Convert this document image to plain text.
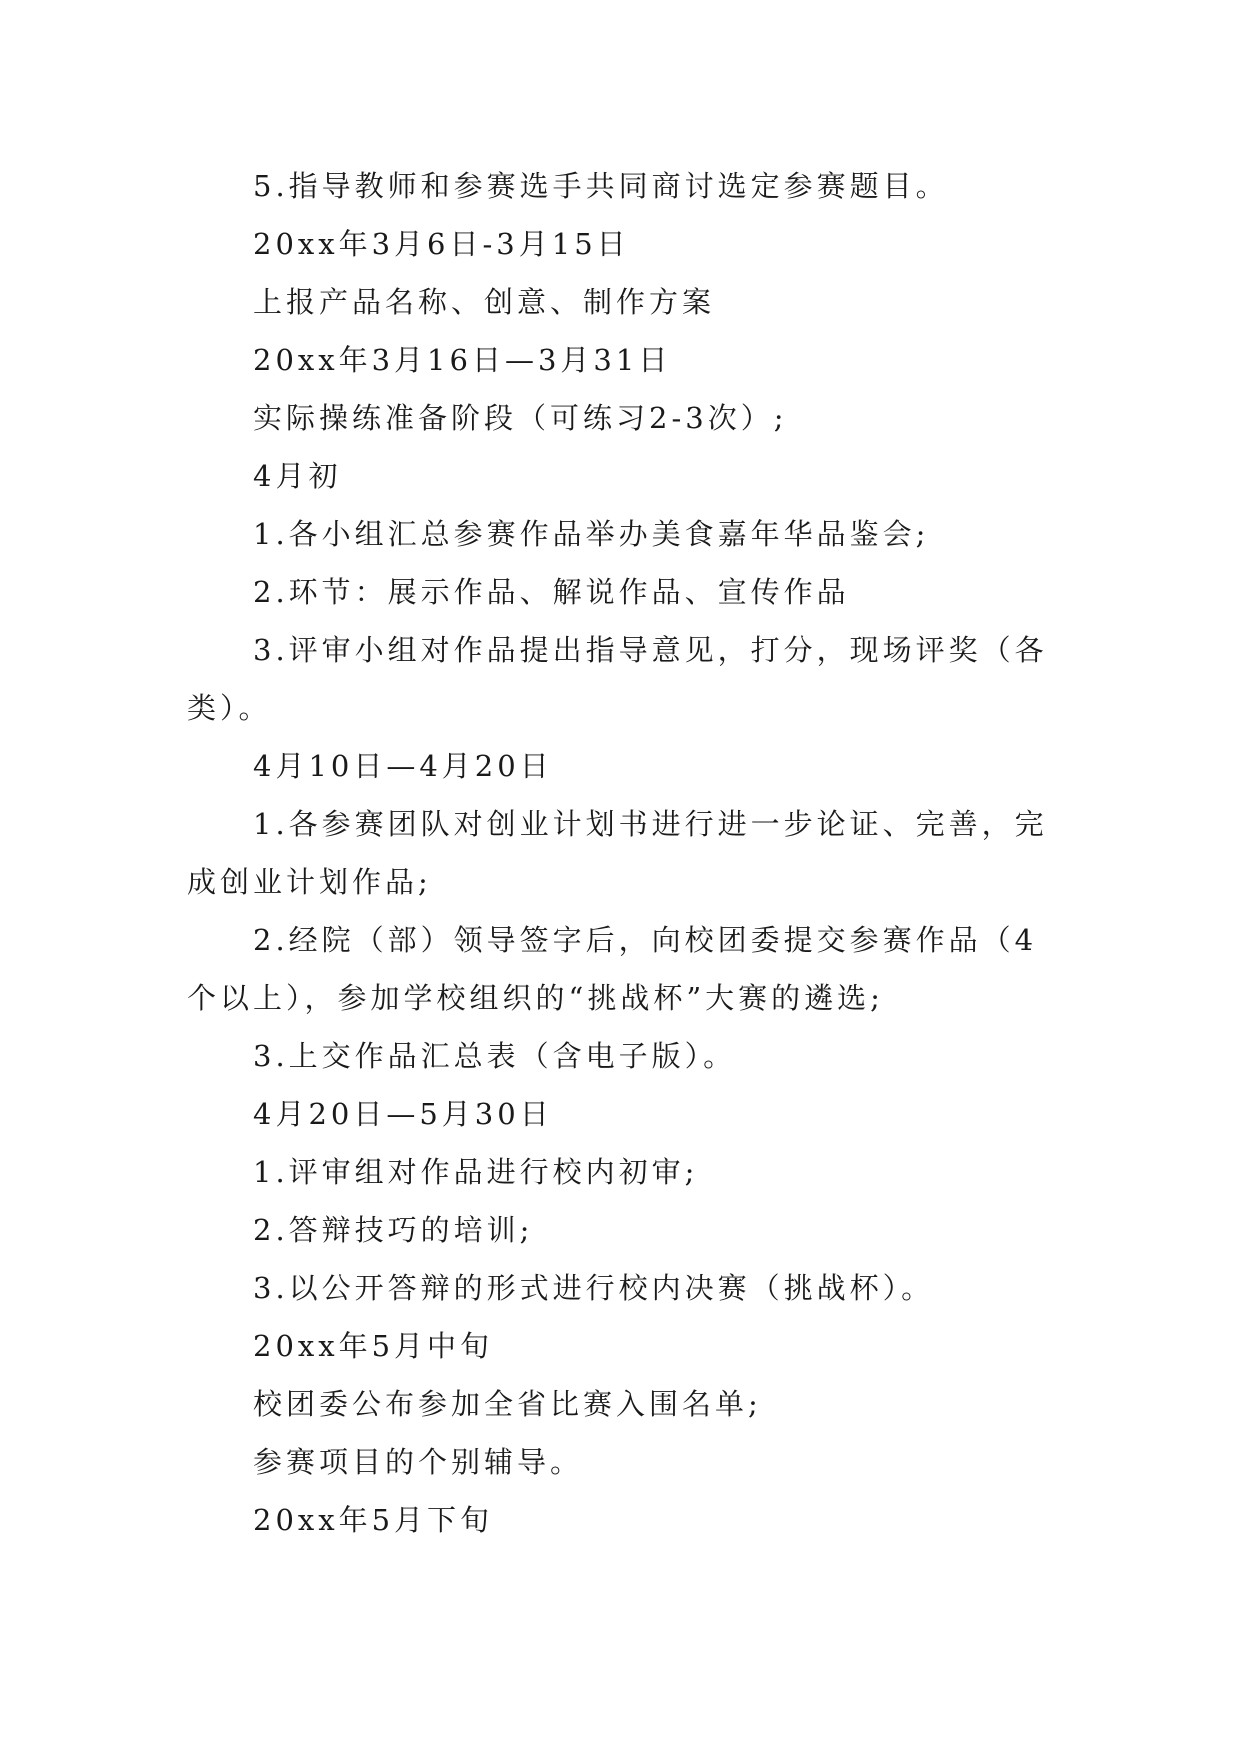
5.指导教师和参赛选手共同商讨选定参赛题目。

20xx年3月6日-3月15日

上报产品名称、创意、制作方案

20xx年3月16日—3月31日

实际操练准备阶段（可练习2-3次）;

4月初

1.各小组汇总参赛作品举办美食嘉年华品鉴会;

2.环节：展示作品、解说作品、宣传作品

3.评审小组对作品提出指导意见，打分，现场评奖（各类）。

4月10日—4月20日

1.各参赛团队对创业计划书进行进一步论证、完善，完成创业计划作品;

2.经院（部）领导签字后，向校团委提交参赛作品（4个以上），参加学校组织的“挑战杯”大赛的遴选;

3.上交作品汇总表（含电子版）。

4月20日—5月30日

1.评审组对作品进行校内初审;

2.答辩技巧的培训;

3.以公开答辩的形式进行校内决赛（挑战杯）。

20xx年5月中旬

校团委公布参加全省比赛入围名单;

参赛项目的个别辅导。

20xx年5月下旬
